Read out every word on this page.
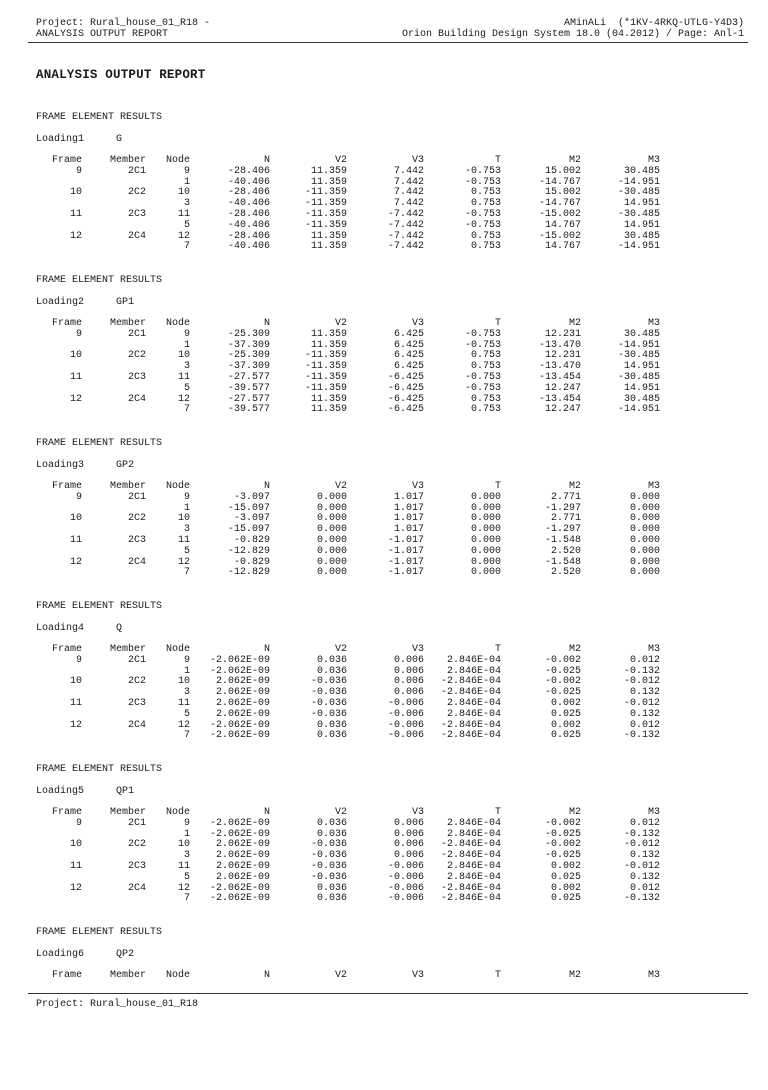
Project: Rural_house_01_R18 -
ANALYSIS OUTPUT REPORT
AMinALi  (*1KV-4RKQ-UTLG-Y4D3)
Orion Building Design System 18.0 (04.2012) / Page: Anl-1
ANALYSIS OUTPUT REPORT
FRAME ELEMENT RESULTS
Loading1	G
Frame	Member	Node	N	V2	V3	T	M2	M3
9	2C1	9	-28.406	11.359	7.442	-0.753	15.002	30.485
		1	-40.406	11.359	7.442	-0.753	-14.767	-14.951
10	2C2	10	-28.406	-11.359	7.442	0.753	15.002	-30.485
		3	-40.406	-11.359	7.442	0.753	-14.767	14.951
11	2C3	11	-28.406	-11.359	-7.442	-0.753	-15.002	-30.485
		5	-40.406	-11.359	-7.442	-0.753	14.767	14.951
12	2C4	12	-28.406	11.359	-7.442	0.753	-15.002	30.485
		7	-40.406	11.359	-7.442	0.753	14.767	-14.951
FRAME ELEMENT RESULTS
Loading2	GP1
Frame	Member	Node	N	V2	V3	T	M2	M3
9	2C1	9	-25.309	11.359	6.425	-0.753	12.231	30.485
		1	-37.309	11.359	6.425	-0.753	-13.470	-14.951
10	2C2	10	-25.309	-11.359	6.425	0.753	12.231	-30.485
		3	-37.309	-11.359	6.425	0.753	-13.470	14.951
11	2C3	11	-27.577	-11.359	-6.425	-0.753	-13.454	-30.485
		5	-39.577	-11.359	-6.425	-0.753	12.247	14.951
12	2C4	12	-27.577	11.359	-6.425	0.753	-13.454	30.485
		7	-39.577	11.359	-6.425	0.753	12.247	-14.951
FRAME ELEMENT RESULTS
Loading3	GP2
Frame	Member	Node	N	V2	V3	T	M2	M3
9	2C1	9	-3.097	0.000	1.017	0.000	2.771	0.000
		1	-15.097	0.000	1.017	0.000	-1.297	0.000
10	2C2	10	-3.097	0.000	1.017	0.000	2.771	0.000
		3	-15.097	0.000	1.017	0.000	-1.297	0.000
11	2C3	11	-0.829	0.000	-1.017	0.000	-1.548	0.000
		5	-12.829	0.000	-1.017	0.000	2.520	0.000
12	2C4	12	-0.829	0.000	-1.017	0.000	-1.548	0.000
		7	-12.829	0.000	-1.017	0.000	2.520	0.000
FRAME ELEMENT RESULTS
Loading4	Q
Frame	Member	Node	N	V2	V3	T	M2	M3
9	2C1	9	-2.062E-09	0.036	0.006	2.846E-04	-0.002	0.012
		1	-2.062E-09	0.036	0.006	2.846E-04	-0.025	-0.132
10	2C2	10	2.062E-09	-0.036	0.006	-2.846E-04	-0.002	-0.012
		3	2.062E-09	-0.036	0.006	-2.846E-04	-0.025	0.132
11	2C3	11	2.062E-09	-0.036	-0.006	2.846E-04	0.002	-0.012
		5	2.062E-09	-0.036	-0.006	2.846E-04	0.025	0.132
12	2C4	12	-2.062E-09	0.036	-0.006	-2.846E-04	0.002	0.012
		7	-2.062E-09	0.036	-0.006	-2.846E-04	0.025	-0.132
FRAME ELEMENT RESULTS
Loading5	QP1
Frame	Member	Node	N	V2	V3	T	M2	M3
9	2C1	9	-2.062E-09	0.036	0.006	2.846E-04	-0.002	0.012
		1	-2.062E-09	0.036	0.006	2.846E-04	-0.025	-0.132
10	2C2	10	2.062E-09	-0.036	0.006	-2.846E-04	-0.002	-0.012
		3	2.062E-09	-0.036	0.006	-2.846E-04	-0.025	0.132
11	2C3	11	2.062E-09	-0.036	-0.006	2.846E-04	0.002	-0.012
		5	2.062E-09	-0.036	-0.006	2.846E-04	0.025	0.132
12	2C4	12	-2.062E-09	0.036	-0.006	-2.846E-04	0.002	0.012
		7	-2.062E-09	0.036	-0.006	-2.846E-04	0.025	-0.132
FRAME ELEMENT RESULTS
Loading6	QP2
Frame	Member	Node	N	V2	V3	T	M2	M3
Project: Rural_house_01_R18
